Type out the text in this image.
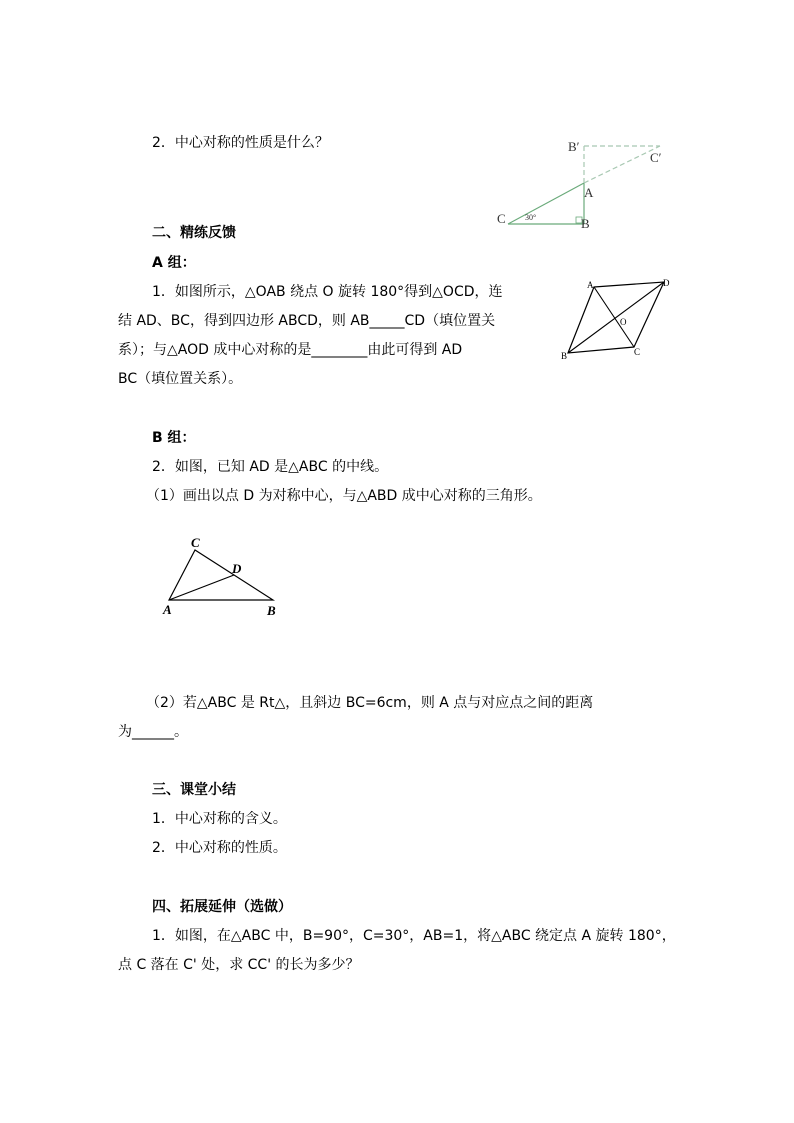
2．中心对称的性质是什么？

二、精练反馈

A 组：

1．如图所示，△OAB 绕点 O 旋转 180°得到△OCD，连

结 AD、BC，得到四边形 ABCD，则 AB_____CD（填位置关

系）；与△AOD 成中心对称的是________由此可得到 AD

BC（填位置关系）。

B 组：

2．如图，已知 AD 是△ABC 的中线。

（1）画出以点 D 为对称中心，与△ABD 成中心对称的三角形。

（2）若△ABC 是 Rt△，且斜边 BC=6cm，则 A 点与对应点之间的距离

为______。

三、课堂小结

1．中心对称的含义。

2．中心对称的性质。

四、拓展延伸（选做）

1．如图，在△ABC 中，B=90°，C=30°，AB=1，将△ABC 绕定点 A 旋转 180°，

点 C 落在 C' 处，求 CC' 的长为多少？

B′
C′
A
C	B
30°
A	D
O
B	C
C
D
A	B
